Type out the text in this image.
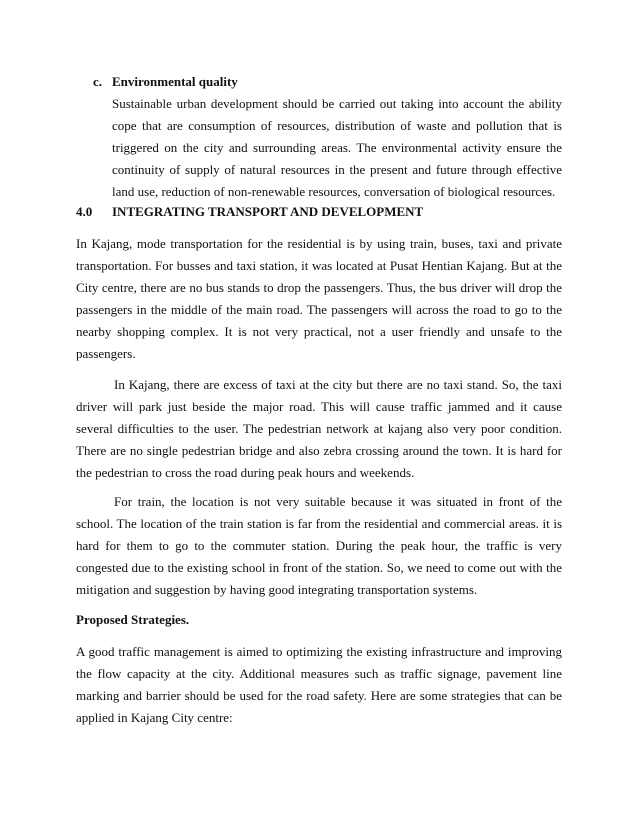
c. Environmental quality

Sustainable urban development should be carried out taking into account the ability cope that are consumption of resources, distribution of waste and pollution that is triggered on the city and surrounding areas. The environmental activity ensure the continuity of supply of natural resources in the present and future through effective land use, reduction of non-renewable resources, conversation of biological resources.

4.0 INTEGRATING TRANSPORT AND DEVELOPMENT

In Kajang, mode transportation for the residential is by using train, buses, taxi and private transportation. For busses and taxi station, it was located at Pusat Hentian Kajang. But at the City centre, there are no bus stands to drop the passengers. Thus, the bus driver will drop the passengers in the middle of the main road. The passengers will across the road to go to the nearby shopping complex. It is not very practical, not a user friendly and unsafe to the passengers.

In Kajang, there are excess of taxi at the city but there are no taxi stand. So, the taxi driver will park just beside the major road. This will cause traffic jammed and it cause several difficulties to the user. The pedestrian network at kajang also very poor condition. There are no single pedestrian bridge and also zebra crossing around the town. It is hard for the pedestrian to cross the road during peak hours and weekends.

For train, the location is not very suitable because it was situated in front of the school. The location of the train station is far from the residential and commercial areas. it is hard for them to go to the commuter station. During the peak hour, the traffic is very congested due to the existing school in front of the station. So, we need to come out with the mitigation and suggestion by having good integrating transportation systems.

Proposed Strategies.

A good traffic management is aimed to optimizing the existing infrastructure and improving the flow capacity at the city. Additional measures such as traffic signage, pavement line marking and barrier should be used for the road safety. Here are some strategies that can be applied in Kajang City centre:
